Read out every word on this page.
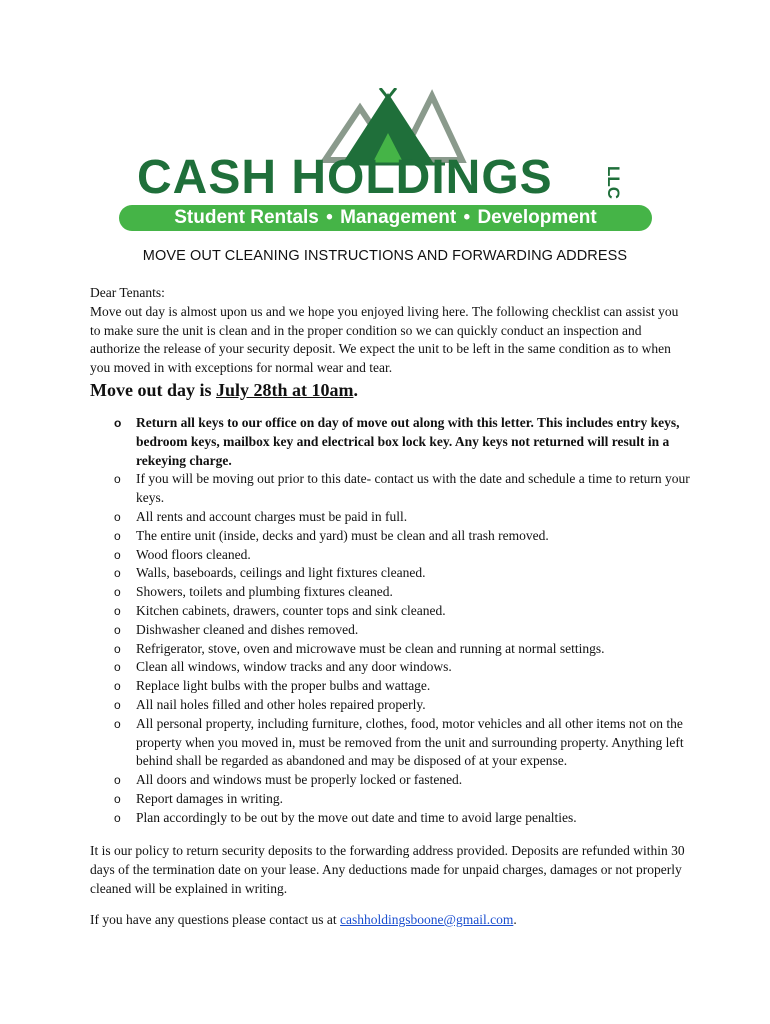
CASH HOLDINGS	LLC
Student Rentals • Management • Development
MOVE OUT CLEANING INSTRUCTIONS AND FORWARDING ADDRESS

Dear Tenants:

Move out day is almost upon us and we hope you enjoyed living here. The following checklist can assist you to make sure the unit is clean and in the proper condition so we can quickly conduct an inspection and authorize the release of your security deposit. We expect the unit to be left in the same condition as to when you moved in with exceptions for normal wear and tear.

Move out day is July 28th at 10am.

o Return all keys to our office on day of move out along with this letter. This includes entry keys, bedroom keys, mailbox key and electrical box lock key. Any keys not returned will result in a rekeying charge.
o If you will be moving out prior to this date- contact us with the date and schedule a time to return your keys.
o All rents and account charges must be paid in full.
o The entire unit (inside, decks and yard) must be clean and all trash removed.
o Wood floors cleaned.
o Walls, baseboards, ceilings and light fixtures cleaned.
o Showers, toilets and plumbing fixtures cleaned.
o Kitchen cabinets, drawers, counter tops and sink cleaned.
o Dishwasher cleaned and dishes removed.
o Refrigerator, stove, oven and microwave must be clean and running at normal settings.
o Clean all windows, window tracks and any door windows.
o Replace light bulbs with the proper bulbs and wattage.
o All nail holes filled and other holes repaired properly.
o All personal property, including furniture, clothes, food, motor vehicles and all other items not on the property when you moved in, must be removed from the unit and surrounding property. Anything left behind shall be regarded as abandoned and may be disposed of at your expense.
o All doors and windows must be properly locked or fastened.
o Report damages in writing.
o Plan accordingly to be out by the move out date and time to avoid large penalties.

It is our policy to return security deposits to the forwarding address provided. Deposits are refunded within 30 days of the termination date on your lease. Any deductions made for unpaid charges, damages or not properly cleaned will be explained in writing.

If you have any questions please contact us at cashholdingsboone@gmail.com.
